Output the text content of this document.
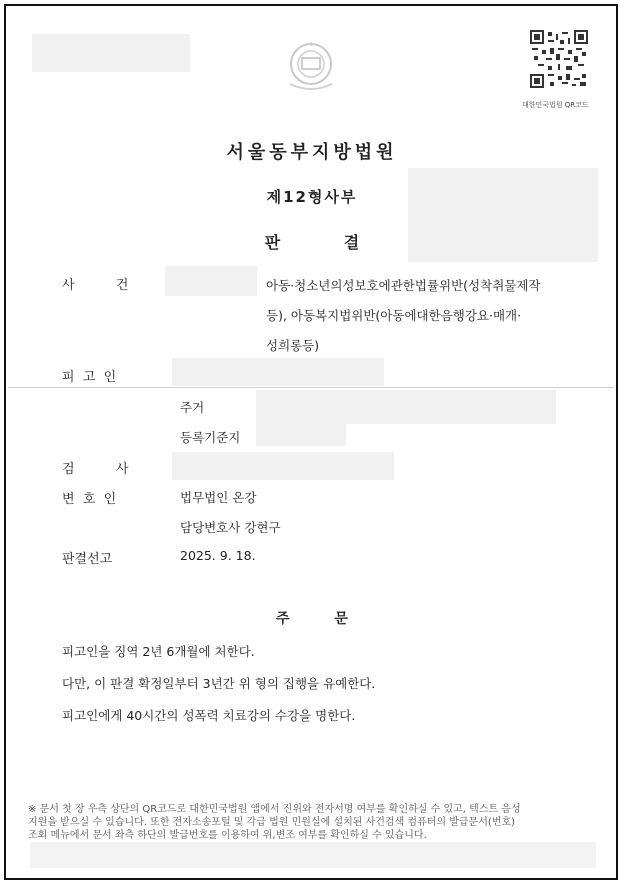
대한민국법원 QR코드
서울동부지방법원
제12형사부
판 결
사          건	아동·청소년의성보호에관한법률위반(성착취물제작
등), 아동복지법위반(아동에대한음행강요·매개·
성희롱등)
피  고  인
주거
등록기준지
검          사
변  호  인	법무법인 온강
담당변호사 강현구
판결선고	2025. 9. 18.
주 문
피고인을 징역 2년 6개월에 처한다.
다만, 이 판결 확정일부터 3년간 위 형의 집행을 유예한다.
피고인에게 40시간의 성폭력 치료강의 수강을 명한다.
※ 문서 첫 장 우측 상단의 QR코드로 대한민국법원 앱에서 진위와 전자서명 여부를 확인하실 수 있고, 텍스트 음성
지원을 받으실 수 있습니다. 또한 전자소송포털 및 각급 법원 민원실에 설치된 사건검색 컴퓨터의 발급문서(번호)
조회 메뉴에서 문서 좌측 하단의 발급번호를 이용하여 위,변조 여부를 확인하실 수 있습니다.
